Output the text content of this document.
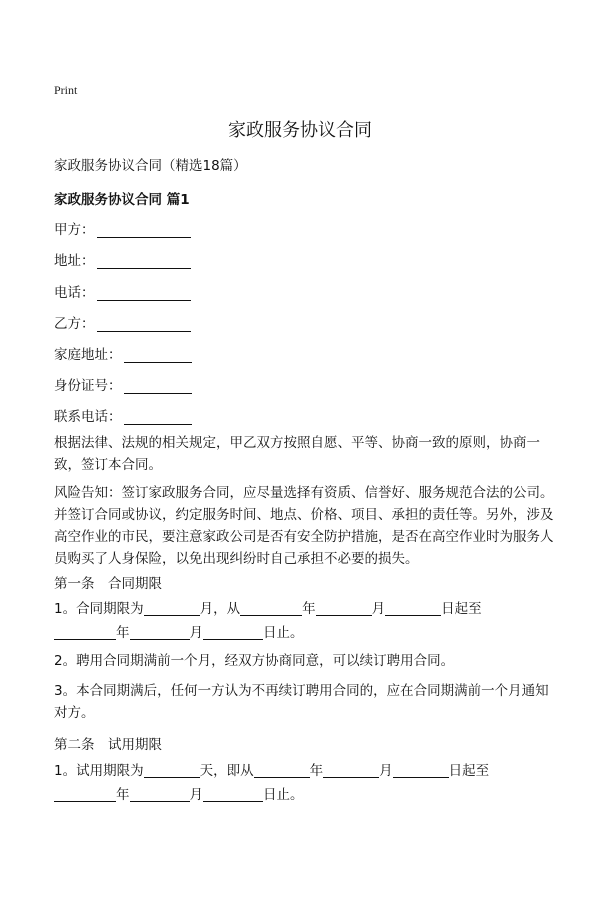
Print
家政服务协议合同
家政服务协议合同（精选18篇）
家政服务协议合同 篇1
甲方：
地址：
电话：
乙方：
家庭地址：
身份证号：
联系电话：
根据法律、法规的相关规定，甲乙双方按照自愿、平等、协商一致的原则，协商一致，签订本合同。
风险告知：签订家政服务合同，应尽量选择有资质、信誉好、服务规范合法的公司。并签订合同或协议，约定服务时间、地点、价格、项目、承担的责任等。另外，涉及高空作业的市民，要注意家政公司是否有安全防护措施，是否在高空作业时为服务人员购买了人身保险，以免出现纠纷时自己承担不必要的损失。
第一条　合同期限
1。合同期限为	月，从	年	月	日起至
年	月	日止。
2。聘用合同期满前一个月，经双方协商同意，可以续订聘用合同。
3。本合同期满后，任何一方认为不再续订聘用合同的，应在合同期满前一个月通知对方。
第二条　试用期限
1。试用期限为	天，即从	年	月	日起至
年	月	日止。
